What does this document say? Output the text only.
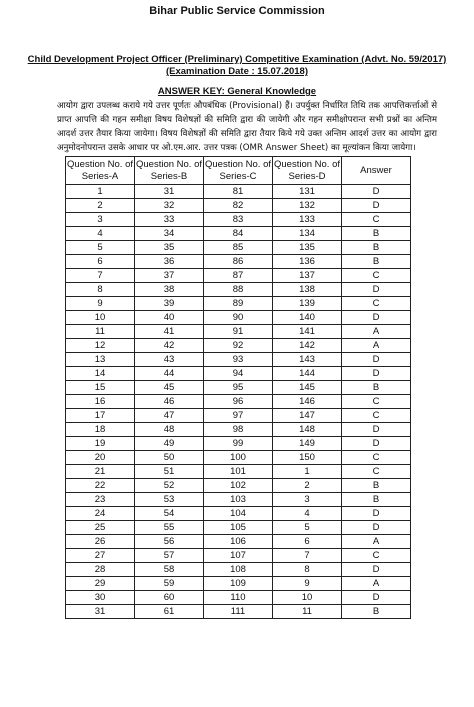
Bihar Public Service Commission
Child Development Project Officer (Preliminary) Competitive Examination (Advt. No. 59/2017)
(Examination Date : 15.07.2018)
ANSWER KEY: General Knowledge
आयोग द्वारा उपलब्ध कराये गये उत्तर पूर्णतः औपबंधिक (Provisional) हैं। उपर्युक्त निर्धारित तिथि तक आपत्तिकर्त्ताओं से प्राप्त आपत्ति की गहन समीक्षा विषय विशेषज्ञों की समिति द्वारा की जायेगी और गहन समीक्षोपरान्त सभी प्रश्नों का अन्तिम आदर्श उत्तर तैयार किया जायेगा। विषय विशेषज्ञों की समिति द्वारा तैयार किये गये उक्त अन्तिम आदर्श उत्तर का आयोग द्वारा अनुमोदनोपरान्त उसके आधार पर ओ.एम.आर. उत्तर पत्रक (OMR Answer Sheet) का मूल्यांकन किया जायेगा।
Question No. of Series-A	Question No. of Series-B	Question No. of Series-C	Question No. of Series-D	Answer
1	31	81	131	D
2	32	82	132	D
3	33	83	133	C
4	34	84	134	B
5	35	85	135	B
6	36	86	136	B
7	37	87	137	C
8	38	88	138	D
9	39	89	139	C
10	40	90	140	D
11	41	91	141	A
12	42	92	142	A
13	43	93	143	D
14	44	94	144	D
15	45	95	145	B
16	46	96	146	C
17	47	97	147	C
18	48	98	148	D
19	49	99	149	D
20	50	100	150	C
21	51	101	1	C
22	52	102	2	B
23	53	103	3	B
24	54	104	4	D
25	55	105	5	D
26	56	106	6	A
27	57	107	7	C
28	58	108	8	D
29	59	109	9	A
30	60	110	10	D
31	61	111	11	B
